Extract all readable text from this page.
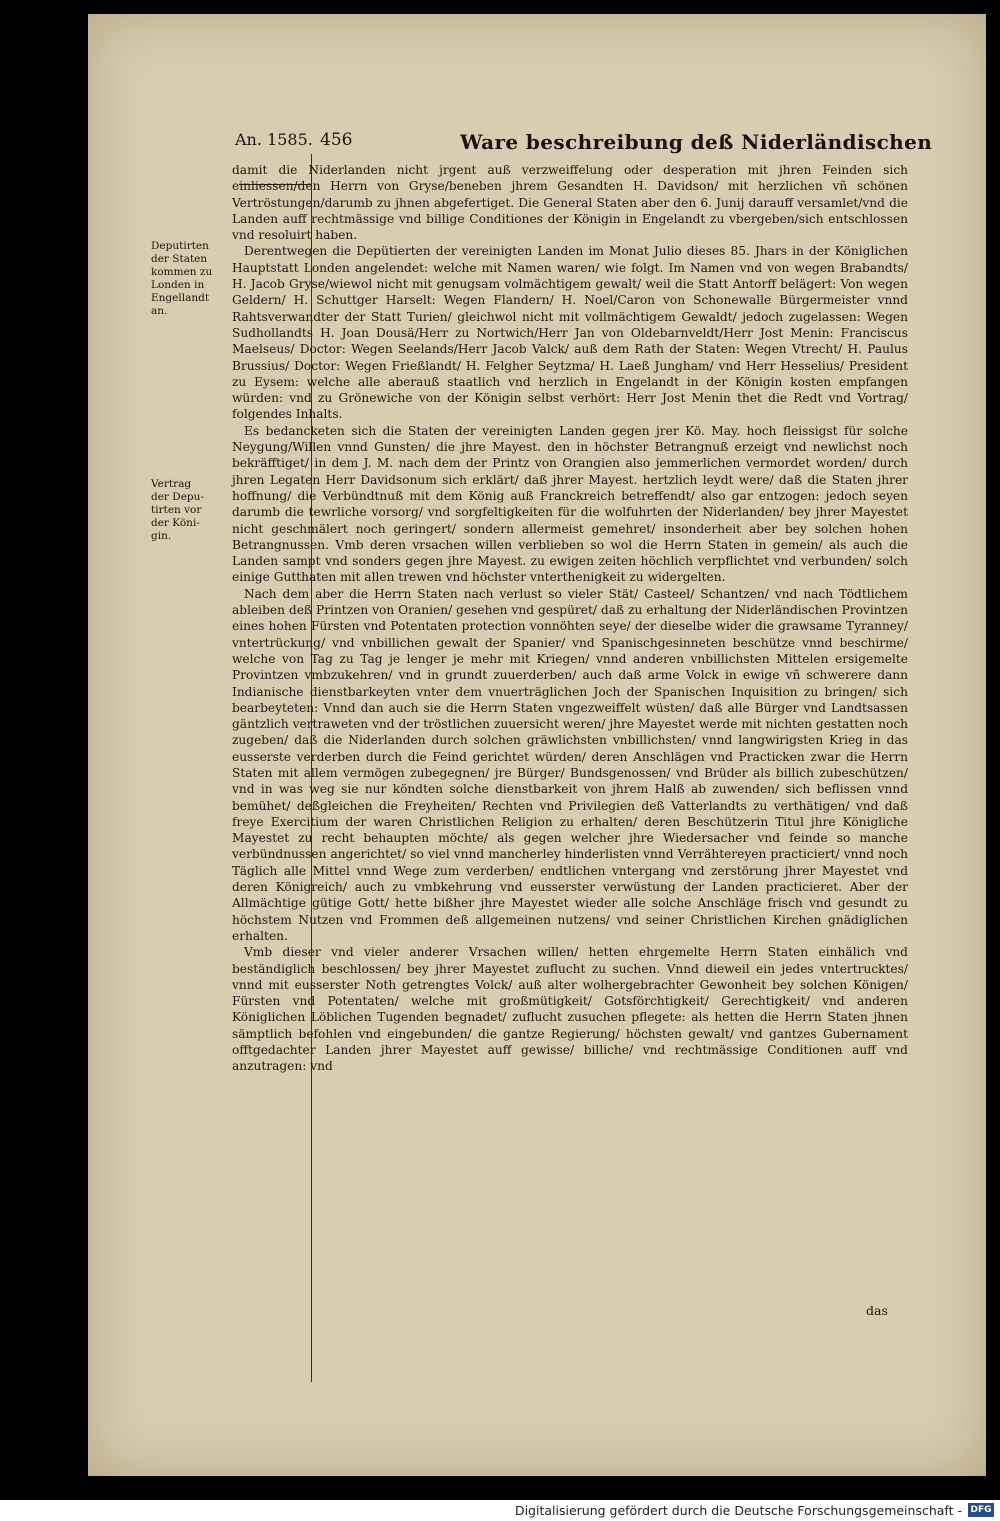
An. 1585. 456	Ware beschreibung deß Niderländischen
Deputirten
der Staten
kommen zu
Londen in
Engellandt
an.
Vertrag
der Depu-
tirten vor
der Köni-
gin.

damit die Niderlanden nicht jrgent auß verzweiffelung oder desperation mit jhren Feinden sich einliessen/den Herrn von Gryse/beneben jhrem Gesandten H. Davidson/ mit herzlichen vñ schönen Vertröstungen/darumb zu jhnen abgefertiget. Die General Staten aber den 6. Junij darauff versamlet/vnd die Landen auff rechtmässige vnd billige Conditiones der Königin in Engelandt zu vbergeben/sich entschlossen vnd resoluirt haben.

Derentwegen die Depütierten der vereinigten Landen im Monat Julio dieses 85. Jhars in der Königlichen Hauptstatt Londen angelendet: welche mit Namen waren/ wie folgt. Im Namen vnd von wegen Brabandts/ H. Jacob Gryse/wiewol nicht mit genugsam volmächtigem gewalt/ weil die Statt Antorff belägert: Von wegen Geldern/ H. Schuttger Harselt: Wegen Flandern/ H. Noel/Caron von Schonewalle Bürgermeister vnnd Rahtsverwandter der Statt Turien/ gleichwol nicht mit vollmächtigem Gewaldt/ jedoch zugelassen: Wegen Sudhollandts H. Joan Dousä/Herr zu Nortwich/Herr Jan von Oldebarnveldt/Herr Jost Menin: Franciscus Maelseus/ Doctor: Wegen Seelands/Herr Jacob Valck/ auß dem Rath der Staten: Wegen Vtrecht/ H. Paulus Brussius/ Doctor: Wegen Frießlandt/ H. Felgher Seytzma/ H. Laeß Jungham/ vnd Herr Hesselius/ President zu Eysem: welche alle aberauß staatlich vnd herzlich in Engelandt in der Königin kosten empfangen würden: vnd zu Grönewiche von der Königin selbst verhört: Herr Jost Menin thet die Redt vnd Vortrag/ folgendes Inhalts.

Es bedancketen sich die Staten der vereinigten Landen gegen jrer Kö. May. hoch fleissigst für solche Neygung/Willen vnnd Gunsten/ die jhre Mayest. den in höchster Betrangnuß erzeigt vnd newlichst noch bekräfftiget/ in dem J. M. nach dem der Printz von Orangien also jemmerlichen vermordet worden/ durch jhren Legaten Herr Davidsonum sich erklärt/ daß jhrer Mayest. hertzlich leydt were/ daß die Staten jhrer hoffnung/ die Verbündtnuß mit dem König auß Franckreich betreffendt/ also gar entzogen: jedoch seyen darumb die tewrliche vorsorg/ vnd sorgfeltigkeiten für die wolfuhrten der Niderlanden/ bey jhrer Mayestet nicht geschmälert noch geringert/ sondern allermeist gemehret/ insonderheit aber bey solchen hohen Betrangnussen. Vmb deren vrsachen willen verblieben so wol die Herrn Staten in gemein/ als auch die Landen sampt vnd sonders gegen jhre Mayest. zu ewigen zeiten höchlich verpflichtet vnd verbunden/ solch einige Gutthaten mit allen trewen vnd höchster vnterthenigkeit zu widergelten.

Nach dem aber die Herrn Staten nach verlust so vieler Stät/ Casteel/ Schantzen/ vnd nach Tödtlichem ableiben deß Printzen von Oranien/ gesehen vnd gespüret/ daß zu erhaltung der Niderländischen Provintzen eines hohen Fürsten vnd Potentaten protection vonnöhten seye/ der dieselbe wider die grawsame Tyranney/ vntertrückung/ vnd vnbillichen gewalt der Spanier/ vnd Spanischgesinneten beschütze vnnd beschirme/ welche von Tag zu Tag je lenger je mehr mit Kriegen/ vnnd anderen vnbillichsten Mittelen ersigemelte Provintzen vmbzukehren/ vnd in grundt zuuerderben/ auch daß arme Volck in ewige vñ schwerere dann Indianische dienstbarkeyten vnter dem vnuerträglichen Joch der Spanischen Inquisition zu bringen/ sich bearbeyteten: Vnnd dan auch sie die Herrn Staten vngezweiffelt wüsten/ daß alle Bürger vnd Landtsassen gäntzlich vertraweten vnd der tröstlichen zuuersicht weren/ jhre Mayestet werde mit nichten gestatten noch zugeben/ daß die Niderlanden durch solchen gräwlichsten vnbillichsten/ vnnd langwirigsten Krieg in das eusserste verderben durch die Feind gerichtet würden/ deren Anschlägen vnd Practicken zwar die Herrn Staten mit allem vermögen zubegegnen/ jre Bürger/ Bundsgenossen/ vnd Brüder als billich zubeschützen/ vnd in was weg sie nur köndten solche dienstbarkeit von jhrem Halß ab zuwenden/ sich beflissen vnnd bemühet/ deßgleichen die Freyheiten/ Rechten vnd Privilegien deß Vatterlandts zu verthätigen/ vnd daß freye Exercitium der waren Christlichen Religion zu erhalten/ deren Beschützerin Titul jhre Königliche Mayestet zu recht behaupten möchte/ als gegen welcher jhre Wiedersacher vnd feinde so manche verbündnussen angerichtet/ so viel vnnd mancherley hinderlisten vnnd Verrähtereyen practiciert/ vnnd noch Täglich alle Mittel vnnd Wege zum verderben/ endtlichen vntergang vnd zerstörung jhrer Mayestet vnd deren Königreich/ auch zu vmbkehrung vnd eusserster verwüstung der Landen practicieret. Aber der Allmächtige gütige Gott/ hette bißher jhre Mayestet wieder alle solche Anschläge frisch vnd gesundt zu höchstem Nutzen vnd Frommen deß allgemeinen nutzens/ vnd seiner Christlichen Kirchen gnädiglichen erhalten.

Vmb dieser vnd vieler anderer Vrsachen willen/ hetten ehrgemelte Herrn Staten einhälich vnd beständiglich beschlossen/ bey jhrer Mayestet zuflucht zu suchen. Vnnd dieweil ein jedes vntertrucktes/ vnnd mit eusserster Noth getrengtes Volck/ auß alter wolhergebrachter Gewonheit bey solchen Königen/ Fürsten vnd Potentaten/ welche mit großmütigkeit/ Gotsförchtigkeit/ Gerechtigkeit/ vnd anderen Königlichen Löblichen Tugenden begnadet/ zuflucht zusuchen pflegete: als hetten die Herrn Staten jhnen sämptlich befohlen vnd eingebunden/ die gantze Regierung/ höchsten gewalt/ vnd gantzes Gubernament offtgedachter Landen jhrer Mayestet auff gewisse/ billiche/ vnd rechtmässige Conditionen auff vnd anzutragen: vnd

das
Digitalisierung gefördert durch die Deutsche Forschungsgemeinschaft - DFG
